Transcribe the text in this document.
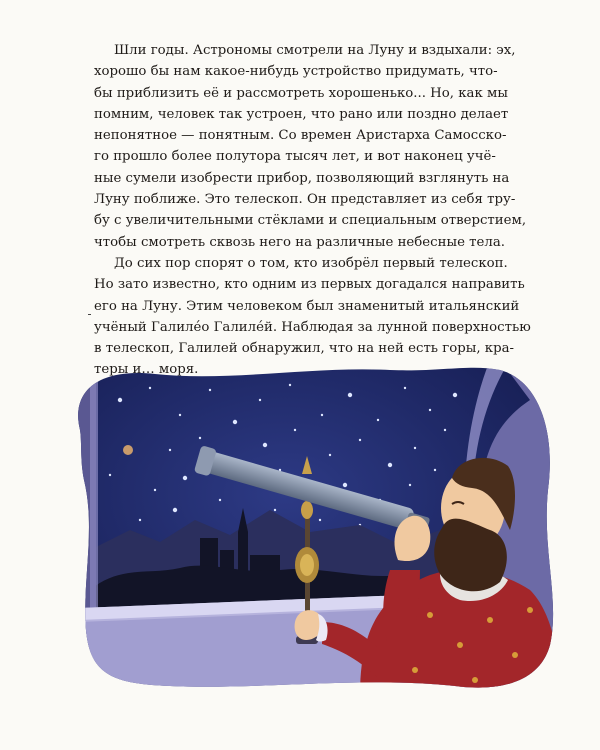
Шли годы. Астрономы смотрели на Луну и вздыхали: эх,
хорошо бы нам какое-нибудь устройство придумать, что-
бы приблизить её и рассмотреть хорошенько... Но, как мы
помним, человек так устроен, что рано или поздно делает
непонятное — понятным. Со времен Аристарха Самосско-
го прошло более полутора тысяч лет, и вот наконец учё-
ные сумели изобрести прибор, позволяющий взглянуть на
Луну поближе. Это телескоп. Он представляет из себя тру-
бу с увеличительными стёклами и специальным отверстием,
чтобы смотреть сквозь него на различные небесные тела.

До сих пор спорят о том, кто изобрёл первый телескоп.
Но зато известно, кто одним из первых догадался направить
его на Луну. Этим человеком был знаменитый итальянский
учёный Галилéо Галилéй. Наблюдая за лунной поверхностью
в телескоп, Галилей обнаружил, что на ней есть горы, кра-
теры и… моря.
